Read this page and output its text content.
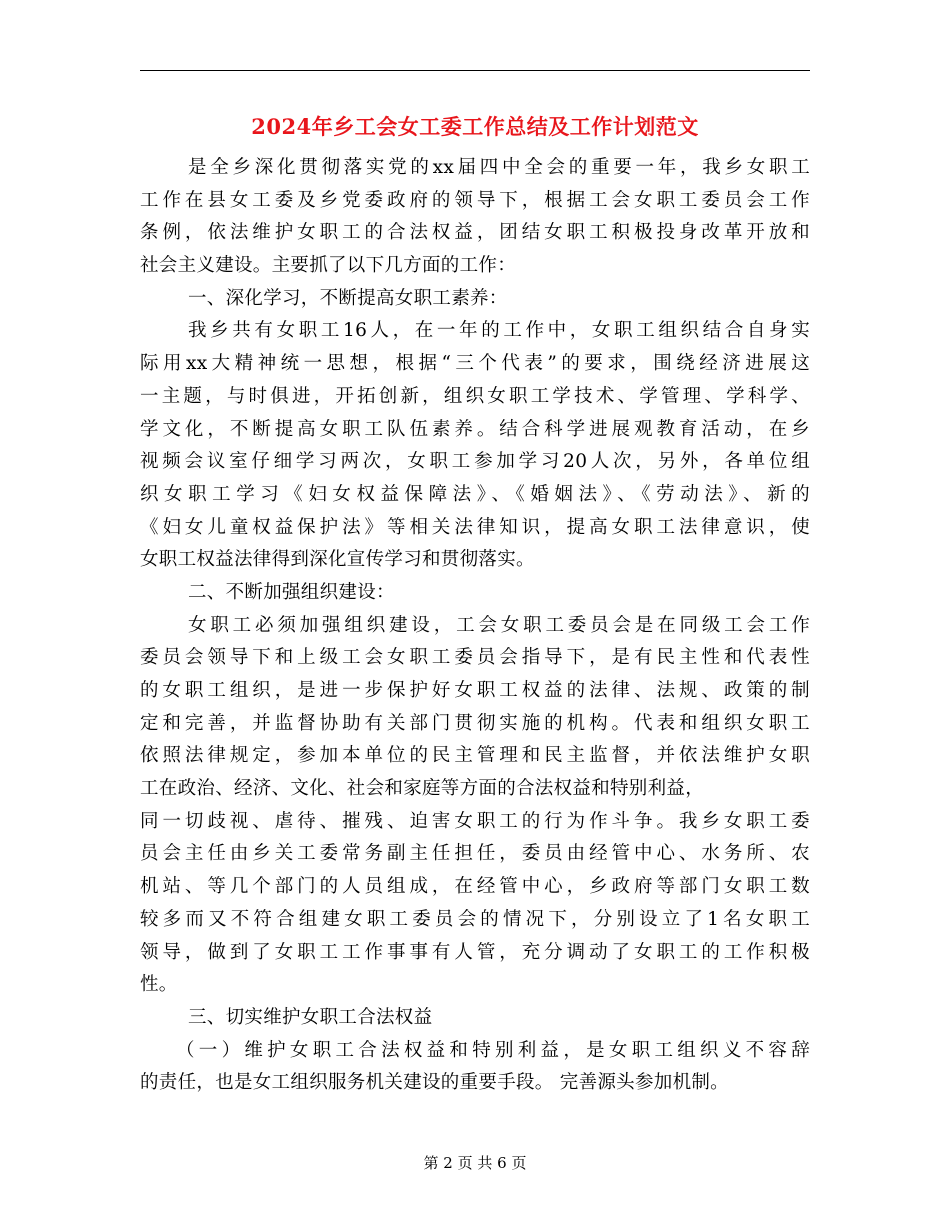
2024年乡工会女工委工作总结及工作计划范文
是全乡深化贯彻落实党的xx届四中全会的重要一年，我乡女职工
工作在县女工委及乡党委政府的领导下，根据工会女职工委员会工作
条例，依法维护女职工的合法权益，团结女职工积极投身改革开放和
社会主义建设。主要抓了以下几方面的工作：
一、深化学习，不断提高女职工素养：
我乡共有女职工16人，在一年的工作中，女职工组织结合自身实
际用xx大精神统一思想，根据“三个代表”的要求，围绕经济进展这
一主题，与时俱进，开拓创新，组织女职工学技术、学管理、学科学、
学文化，不断提高女职工队伍素养。结合科学进展观教育活动，在乡
视频会议室仔细学习两次，女职工参加学习20人次，另外，各单位组
织女职工学习《妇女权益保障法》、《婚姻法》、《劳动法》、新的
《妇女儿童权益保护法》等相关法律知识，提高女职工法律意识，使
女职工权益法律得到深化宣传学习和贯彻落实。
二、不断加强组织建设：
女职工必须加强组织建设，工会女职工委员会是在同级工会工作
委员会领导下和上级工会女职工委员会指导下，是有民主性和代表性
的女职工组织，是进一步保护好女职工权益的法律、法规、政策的制
定和完善，并监督协助有关部门贯彻实施的机构。代表和组织女职工
依照法律规定，参加本单位的民主管理和民主监督，并依法维护女职
工在政治、经济、文化、社会和家庭等方面的合法权益和特别利益，
同一切歧视、虐待、摧残、迫害女职工的行为作斗争。我乡女职工委
员会主任由乡关工委常务副主任担任，委员由经管中心、水务所、农
机站、等几个部门的人员组成，在经管中心，乡政府等部门女职工数
较多而又不符合组建女职工委员会的情况下，分别设立了1名女职工
领导，做到了女职工工作事事有人管，充分调动了女职工的工作积极
性。
三、切实维护女职工合法权益
（一）维护女职工合法权益和特别利益，是女职工组织义不容辞
的责任，也是女工组织服务机关建设的重要手段。 完善源头参加机制。
第 2 页 共 6 页
